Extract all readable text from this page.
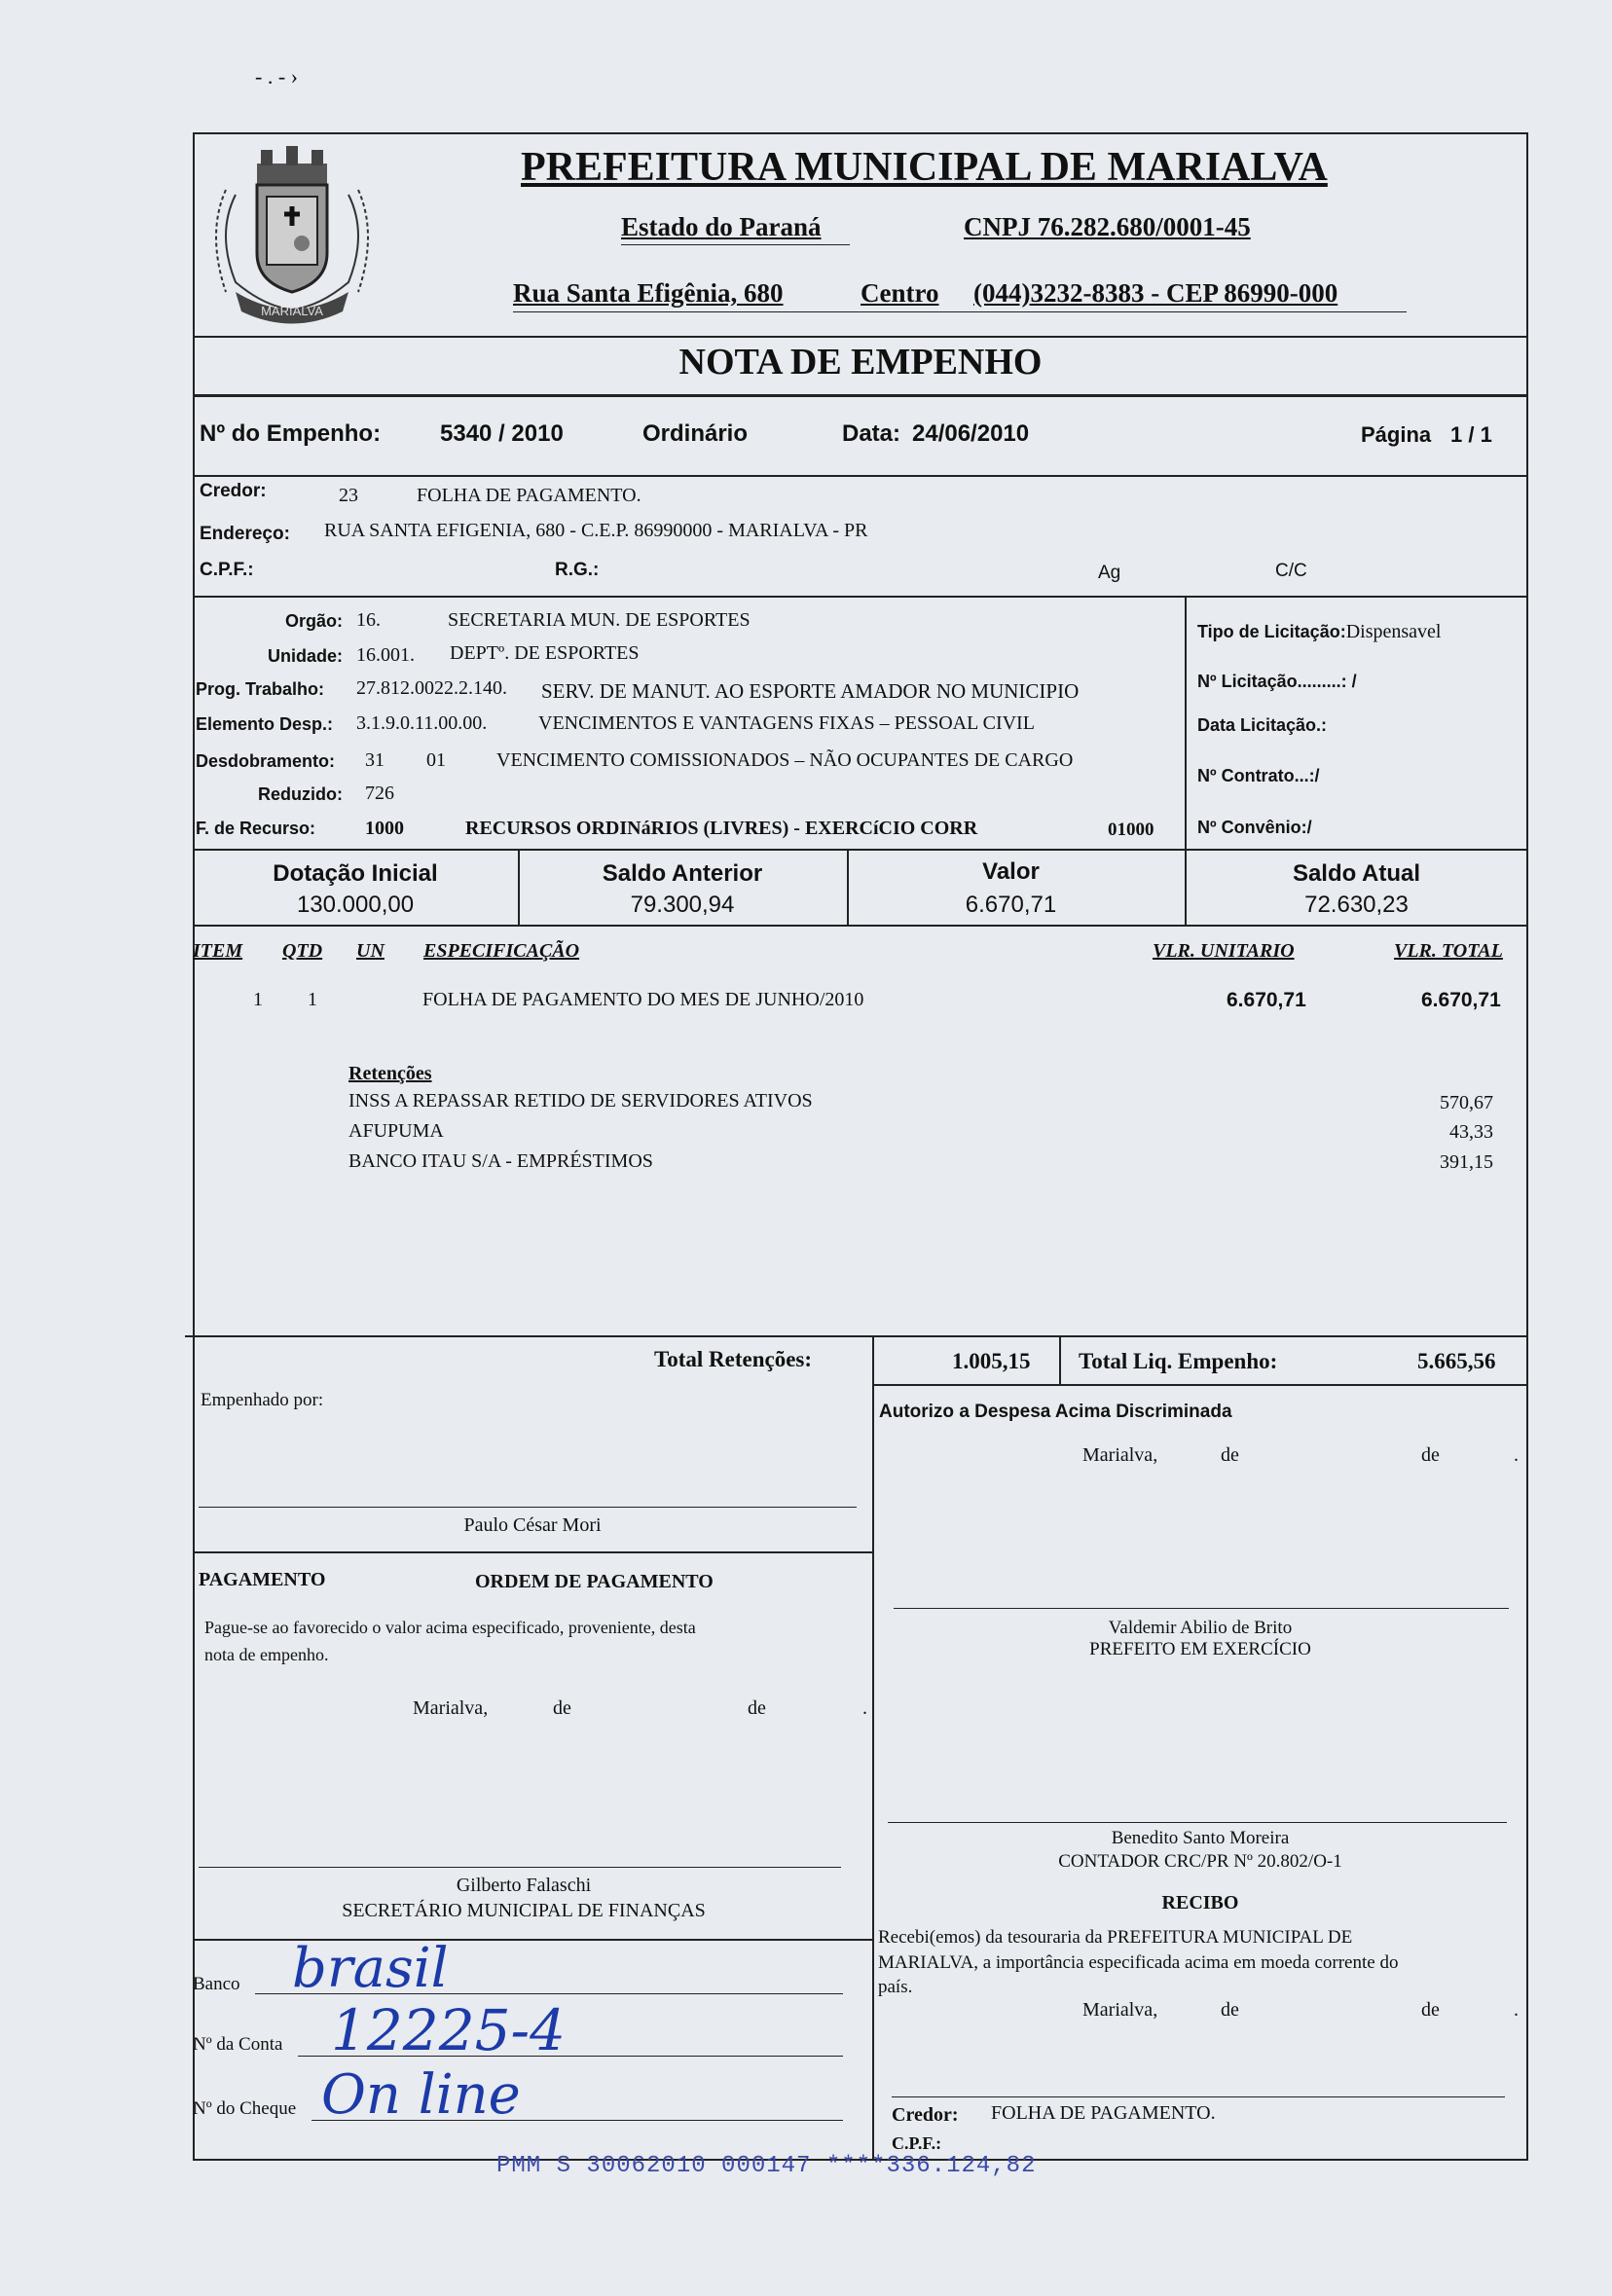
- . - ›
MARIALVA
PREFEITURA MUNICIPAL DE MARIALVA
Estado do Paraná	CNPJ 76.282.680/0001-45
Rua Santa Efigênia, 680	Centro (044)3232-8383 - CEP 86990-000
NOTA DE EMPENHO
Nº do Empenho:	5340 / 2010	Ordinário	Data: 24/06/2010	Página 1 / 1
Credor:	23	FOLHA DE PAGAMENTO.
Endereço: RUA SANTA EFIGENIA, 680 - C.E.P. 86990000 - MARIALVA - PR
C.P.F.:	R.G.:	Ag	C/C
Orgão: 16.	SECRETARIA MUN. DE ESPORTES
Unidade: 16.001. DEPTº. DE ESPORTES
Prog. Trabalho: 27.812.0022.2.140. SERV. DE MANUT. AO ESPORTE AMADOR NO MUNICIPIO
Elemento Desp.: 3.1.9.0.11.00.00.	VENCIMENTOS E VANTAGENS FIXAS – PESSOAL CIVIL
Desdobramento: 31 01	VENCIMENTO COMISSIONADOS – NÃO OCUPANTES DE CARGO
Reduzido: 726
F. de Recurso:	1000	RECURSOS ORDINáRIOS (LIVRES) - EXERCíCIO CORR	01000
Tipo de Licitação:Dispensavel
Nº Licitação.........: /
Data Licitação.:
Nº Contrato...:/
Nº Convênio:/
Dotação Inicial
130.000,00
Saldo Anterior
79.300,94
Valor
6.670,71
Saldo Atual
72.630,23
ITEM QTD UN ESPECIFICAÇÃO	VLR. UNITARIO	VLR. TOTAL
1 1	FOLHA DE PAGAMENTO DO MES DE JUNHO/2010	6.670,71	6.670,71
Retenções
INSS A REPASSAR RETIDO DE SERVIDORES ATIVOS	570,67
AFUPUMA	43,33
BANCO ITAU S/A - EMPRÉSTIMOS	391,15
Total Retenções:	1.005,15 Total Liq. Empenho:	5.665,56
Empenhado por:
Paulo César Mori
Autorizo a Despesa Acima Discriminada
Marialva,	de	de	.
Valdemir Abilio de Brito
PREFEITO EM EXERCÍCIO
PAGAMENTO	ORDEM DE PAGAMENTO
Pague-se ao favorecido o valor acima especificado, proveniente, desta
nota de empenho.
Marialva,	de	de	.
Gilberto Falaschi
SECRETÁRIO MUNICIPAL DE FINANÇAS
Benedito Santo Moreira
CONTADOR CRC/PR Nº 20.802/O-1
RECIBO
Recebi(emos) da tesouraria da PREFEITURA MUNICIPAL DE
MARIALVA, a importância especificada acima em moeda corrente do
país.
Marialva,	de	de	.
Credor: FOLHA DE PAGAMENTO.
C.P.F.:
Banco brasil
Nº da Conta 12225-4
Nº do Cheque On line
PMM S 30062010 000147 ****336.124,82
